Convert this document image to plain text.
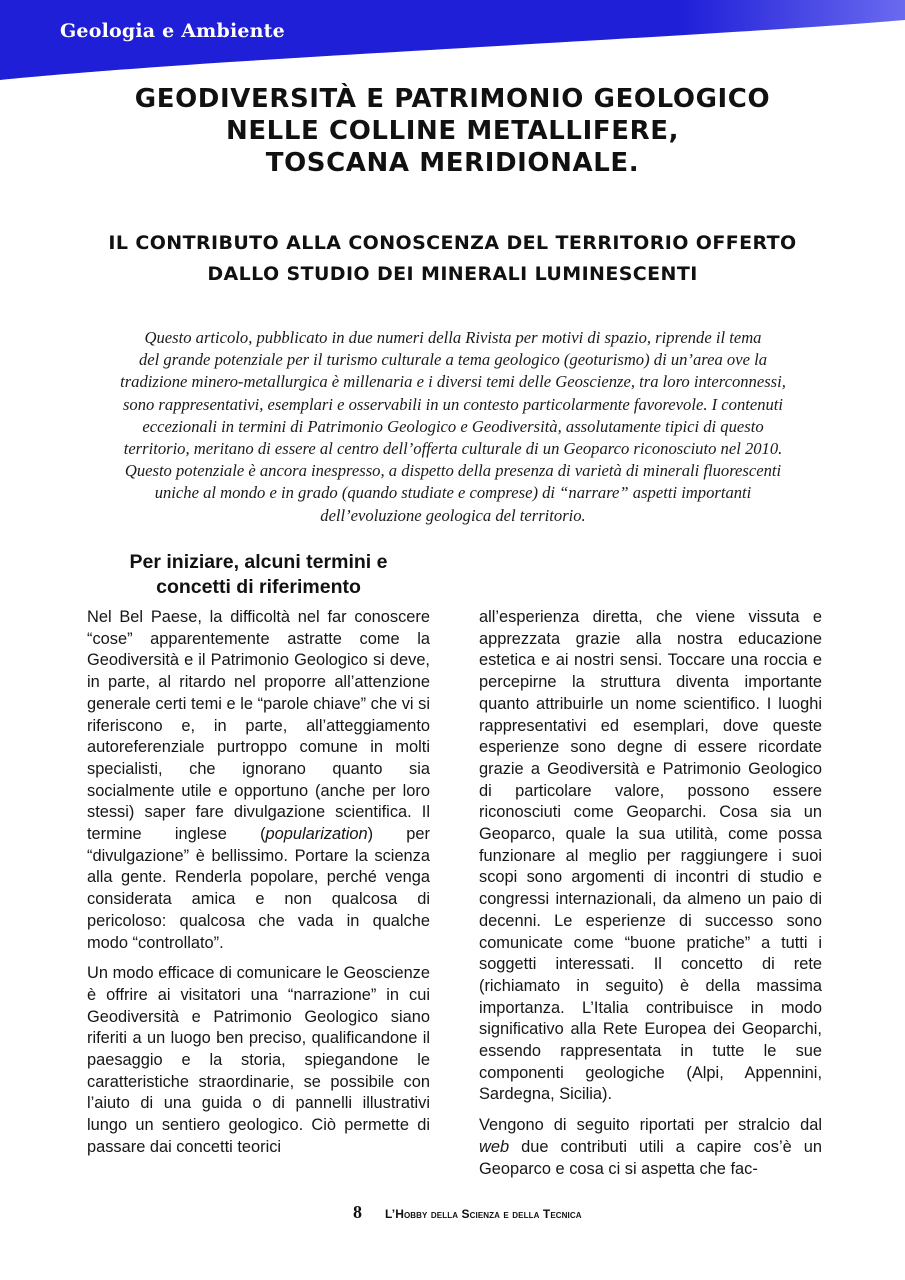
Geologia e Ambiente
GEODIVERSITÀ E PATRIMONIO GEOLOGICO
NELLE COLLINE METALLIFERE,
TOSCANA MERIDIONALE.
IL CONTRIBUTO ALLA CONOSCENZA DEL TERRITORIO OFFERTO
DALLO STUDIO DEI MINERALI LUMINESCENTI
Questo articolo, pubblicato in due numeri della Rivista per motivi di spazio, riprende il tema
del grande potenziale per il turismo culturale a tema geologico (geoturismo) di un’area ove la
tradizione minero-metallurgica è millenaria e i diversi temi delle Geoscienze, tra loro interconnessi,
sono rappresentativi, esemplari e osservabili in un contesto particolarmente favorevole. I contenuti
eccezionali in termini di Patrimonio Geologico e Geodiversità, assolutamente tipici di questo
territorio, meritano di essere al centro dell’offerta culturale di un Geoparco riconosciuto nel 2010.
Questo potenziale è ancora inespresso, a dispetto della presenza di varietà di minerali fluorescenti
uniche al mondo e in grado (quando studiate e comprese) di “narrare” aspetti importanti
dell’evoluzione geologica del territorio.
Per iniziare, alcuni termini e
concetti di riferimento

Nel Bel Paese, la difficoltà nel far conoscere “cose” apparentemente astratte come la Geodiversità e il Patrimonio Geologico si deve, in parte, al ritardo nel proporre all’attenzione generale certi temi e le “parole chiave” che vi si riferiscono e, in parte, all’atteggiamento autoreferenziale purtroppo comune in molti specialisti, che ignorano quanto sia socialmente utile e opportuno (anche per loro stessi) saper fare divulgazione scientifica. Il termine inglese (popularization) per “divulgazione” è bellissimo. Portare la scienza alla gente. Renderla popolare, perché venga considerata amica e non qualcosa di pericoloso: qualcosa che vada in qualche modo “controllato”.

Un modo efficace di comunicare le Geoscienze è offrire ai visitatori una “narrazione” in cui Geodiversità e Patrimonio Geologico siano riferiti a un luogo ben preciso, qualificandone il paesaggio e la storia, spiegandone le caratteristiche straordinarie, se possibile con l’aiuto di una guida o di pannelli illustrativi lungo un sentiero geologico. Ciò permette di passare dai concetti teorici

all’esperienza diretta, che viene vissuta e apprezzata grazie alla nostra educazione estetica e ai nostri sensi. Toccare una roccia e percepirne la struttura diventa importante quanto attribuirle un nome scientifico. I luoghi rappresentativi ed esemplari, dove queste esperienze sono degne di essere ricordate grazie a Geodiversità e Patrimonio Geologico di particolare valore, possono essere riconosciuti come Geoparchi. Cosa sia un Geoparco, quale la sua utilità, come possa funzionare al meglio per raggiungere i suoi scopi sono argomenti di incontri di studio e congressi internazionali, da almeno un paio di decenni. Le esperienze di successo sono comunicate come “buone pratiche” a tutti i soggetti interessati. Il concetto di rete (richiamato in seguito) è della massima importanza. L’Italia contribuisce in modo significativo alla Rete Europea dei Geoparchi, essendo rappresentata in tutte le sue componenti geologiche (Alpi, Appennini, Sardegna, Sicilia).

Vengono di seguito riportati per stralcio dal web due contributi utili a capire cos’è un Geoparco e cosa ci si aspetta che fac-

8 L’Hobby della Scienza e della Tecnica
